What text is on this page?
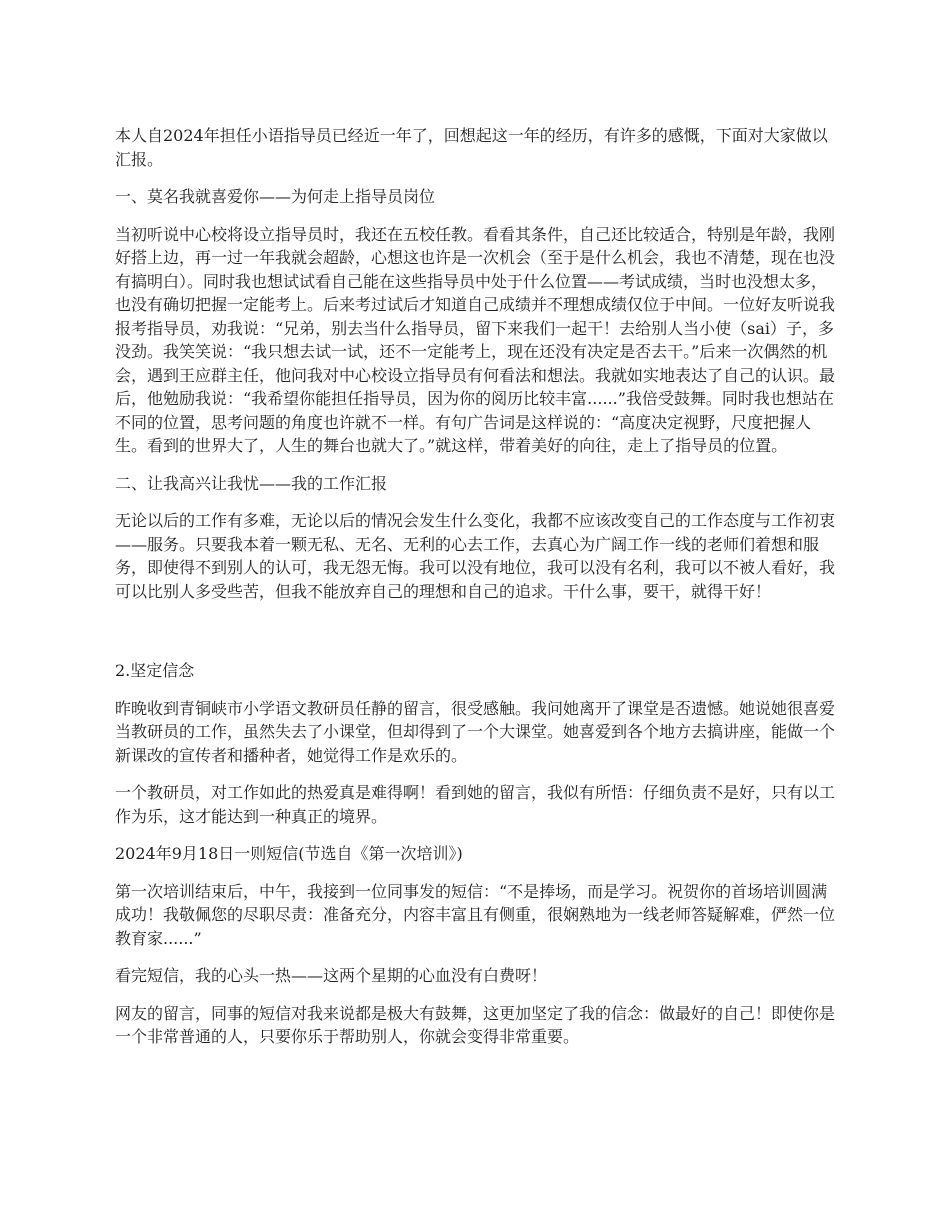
本人自2024年担任小语指导员已经近一年了，回想起这一年的经历，有许多的感慨，下面对大家做以汇报。

一、莫名我就喜爱你——为何走上指导员岗位

当初听说中心校将设立指导员时，我还在五校任教。看看其条件，自己还比较适合，特别是年龄，我刚好搭上边，再一过一年我就会超龄，心想这也许是一次机会（至于是什么机会，我也不清楚，现在也没有搞明白）。同时我也想试试看自己能在这些指导员中处于什么位置——考试成绩，当时也没想太多，也没有确切把握一定能考上。后来考过试后才知道自己成绩并不理想成绩仅位于中间。一位好友听说我报考指导员，劝我说：“兄弟，别去当什么指导员，留下来我们一起干！去给别人当小使（sai）子，多没劲。我笑笑说：“我只想去试一试，还不一定能考上，现在还没有决定是否去干。”后来一次偶然的机会，遇到王应群主任，他问我对中心校设立指导员有何看法和想法。我就如实地表达了自己的认识。最后，他勉励我说：“我希望你能担任指导员，因为你的阅历比较丰富......”我倍受鼓舞。同时我也想站在不同的位置，思考问题的角度也许就不一样。有句广告词是这样说的：“高度决定视野，尺度把握人生。看到的世界大了，人生的舞台也就大了。”就这样，带着美好的向往，走上了指导员的位置。

二、让我高兴让我忧——我的工作汇报

无论以后的工作有多难，无论以后的情况会发生什么变化，我都不应该改变自己的工作态度与工作初衷——服务。只要我本着一颗无私、无名、无利的心去工作，去真心为广阔工作一线的老师们着想和服务，即使得不到别人的认可，我无怨无悔。我可以没有地位，我可以没有名利，我可以不被人看好，我可以比别人多受些苦，但我不能放弃自己的理想和自己的追求。干什么事，要干，就得干好！

2.坚定信念

昨晚收到青铜峡市小学语文教研员任静的留言，很受感触。我问她离开了课堂是否遗憾。她说她很喜爱当教研员的工作，虽然失去了小课堂，但却得到了一个大课堂。她喜爱到各个地方去搞讲座，能做一个新课改的宣传者和播种者，她觉得工作是欢乐的。

一个教研员，对工作如此的热爱真是难得啊！看到她的留言，我似有所悟：仔细负责不是好，只有以工作为乐，这才能达到一种真正的境界。

2024年9月18日一则短信(节选自《第一次培训》)

第一次培训结束后，中午，我接到一位同事发的短信：“不是捧场，而是学习。祝贺你的首场培训圆满成功！我敬佩您的尽职尽责：准备充分，内容丰富且有侧重，很娴熟地为一线老师答疑解难，俨然一位教育家......”

看完短信，我的心头一热——这两个星期的心血没有白费呀！

网友的留言，同事的短信对我来说都是极大有鼓舞，这更加坚定了我的信念：做最好的自己！即使你是一个非常普通的人，只要你乐于帮助别人，你就会变得非常重要。
